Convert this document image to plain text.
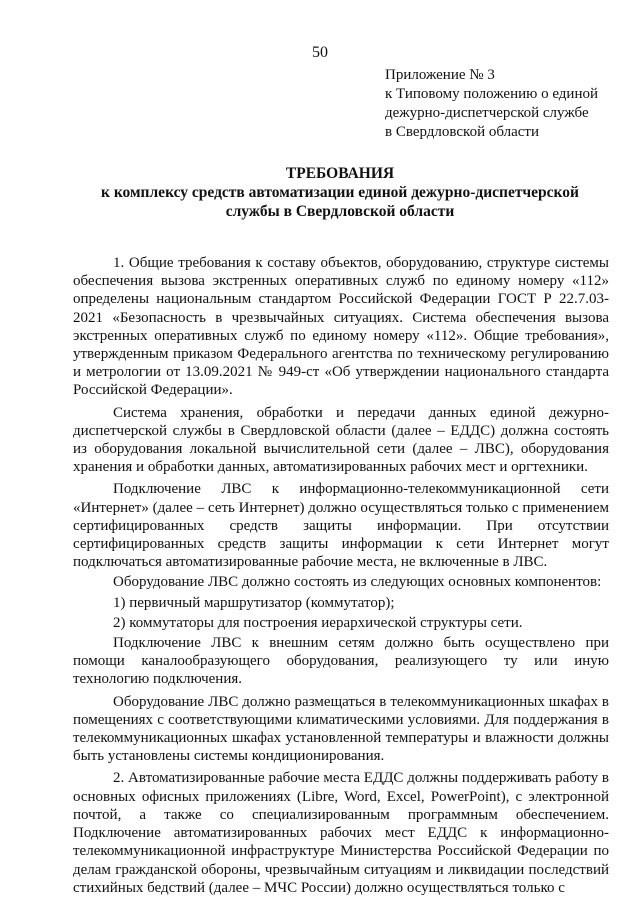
50
Приложение № 3
к Типовому положению о единой
дежурно-диспетчерской службе
в Свердловской области
ТРЕБОВАНИЯ
к комплексу средств автоматизации единой дежурно-диспетчерской
службы в Свердловской области

1. Общие требования к составу объектов, оборудованию, структуре системы обеспечения вызова экстренных оперативных служб по единому номеру «112» определены национальным стандартом Российской Федерации ГОСТ Р 22.7.03-2021 «Безопасность в чрезвычайных ситуациях. Система обеспечения вызова экстренных оперативных служб по единому номеру «112». Общие требования», утвержденным приказом Федерального агентства по техническому регулированию и метрологии от 13.09.2021 № 949-ст «Об утверждении национального стандарта Российской Федерации».

Система хранения, обработки и передачи данных единой дежурно-диспетчерской службы в Свердловской области (далее – ЕДДС) должна состоять из оборудования локальной вычислительной сети (далее – ЛВС), оборудования хранения и обработки данных, автоматизированных рабочих мест и оргтехники.

Подключение ЛВС к информационно-телекоммуникационной сети «Интернет» (далее – сеть Интернет) должно осуществляться только с применением сертифицированных средств защиты информации. При отсутствии сертифицированных средств защиты информации к сети Интернет могут подключаться автоматизированные рабочие места, не включенные в ЛВС.

Оборудование ЛВС должно состоять из следующих основных компонентов:

1) первичный маршрутизатор (коммутатор);

2) коммутаторы для построения иерархической структуры сети.

Подключение ЛВС к внешним сетям должно быть осуществлено при помощи каналообразующего оборудования, реализующего ту или иную технологию подключения.

Оборудование ЛВС должно размещаться в телекоммуникационных шкафах в помещениях с соответствующими климатическими условиями. Для поддержания в телекоммуникационных шкафах установленной температуры и влажности должны быть установлены системы кондиционирования.

2. Автоматизированные рабочие места ЕДДС должны поддерживать работу в основных офисных приложениях (Libre, Word, Excel, PowerPoint), с электронной почтой, а также со специализированным программным обеспечением. Подключение автоматизированных рабочих мест ЕДДС к информационно-телекоммуникационной инфраструктуре Министерства Российской Федерации по делам гражданской обороны, чрезвычайным ситуациям и ликвидации последствий стихийных бедствий (далее – МЧС России) должно осуществляться только с
